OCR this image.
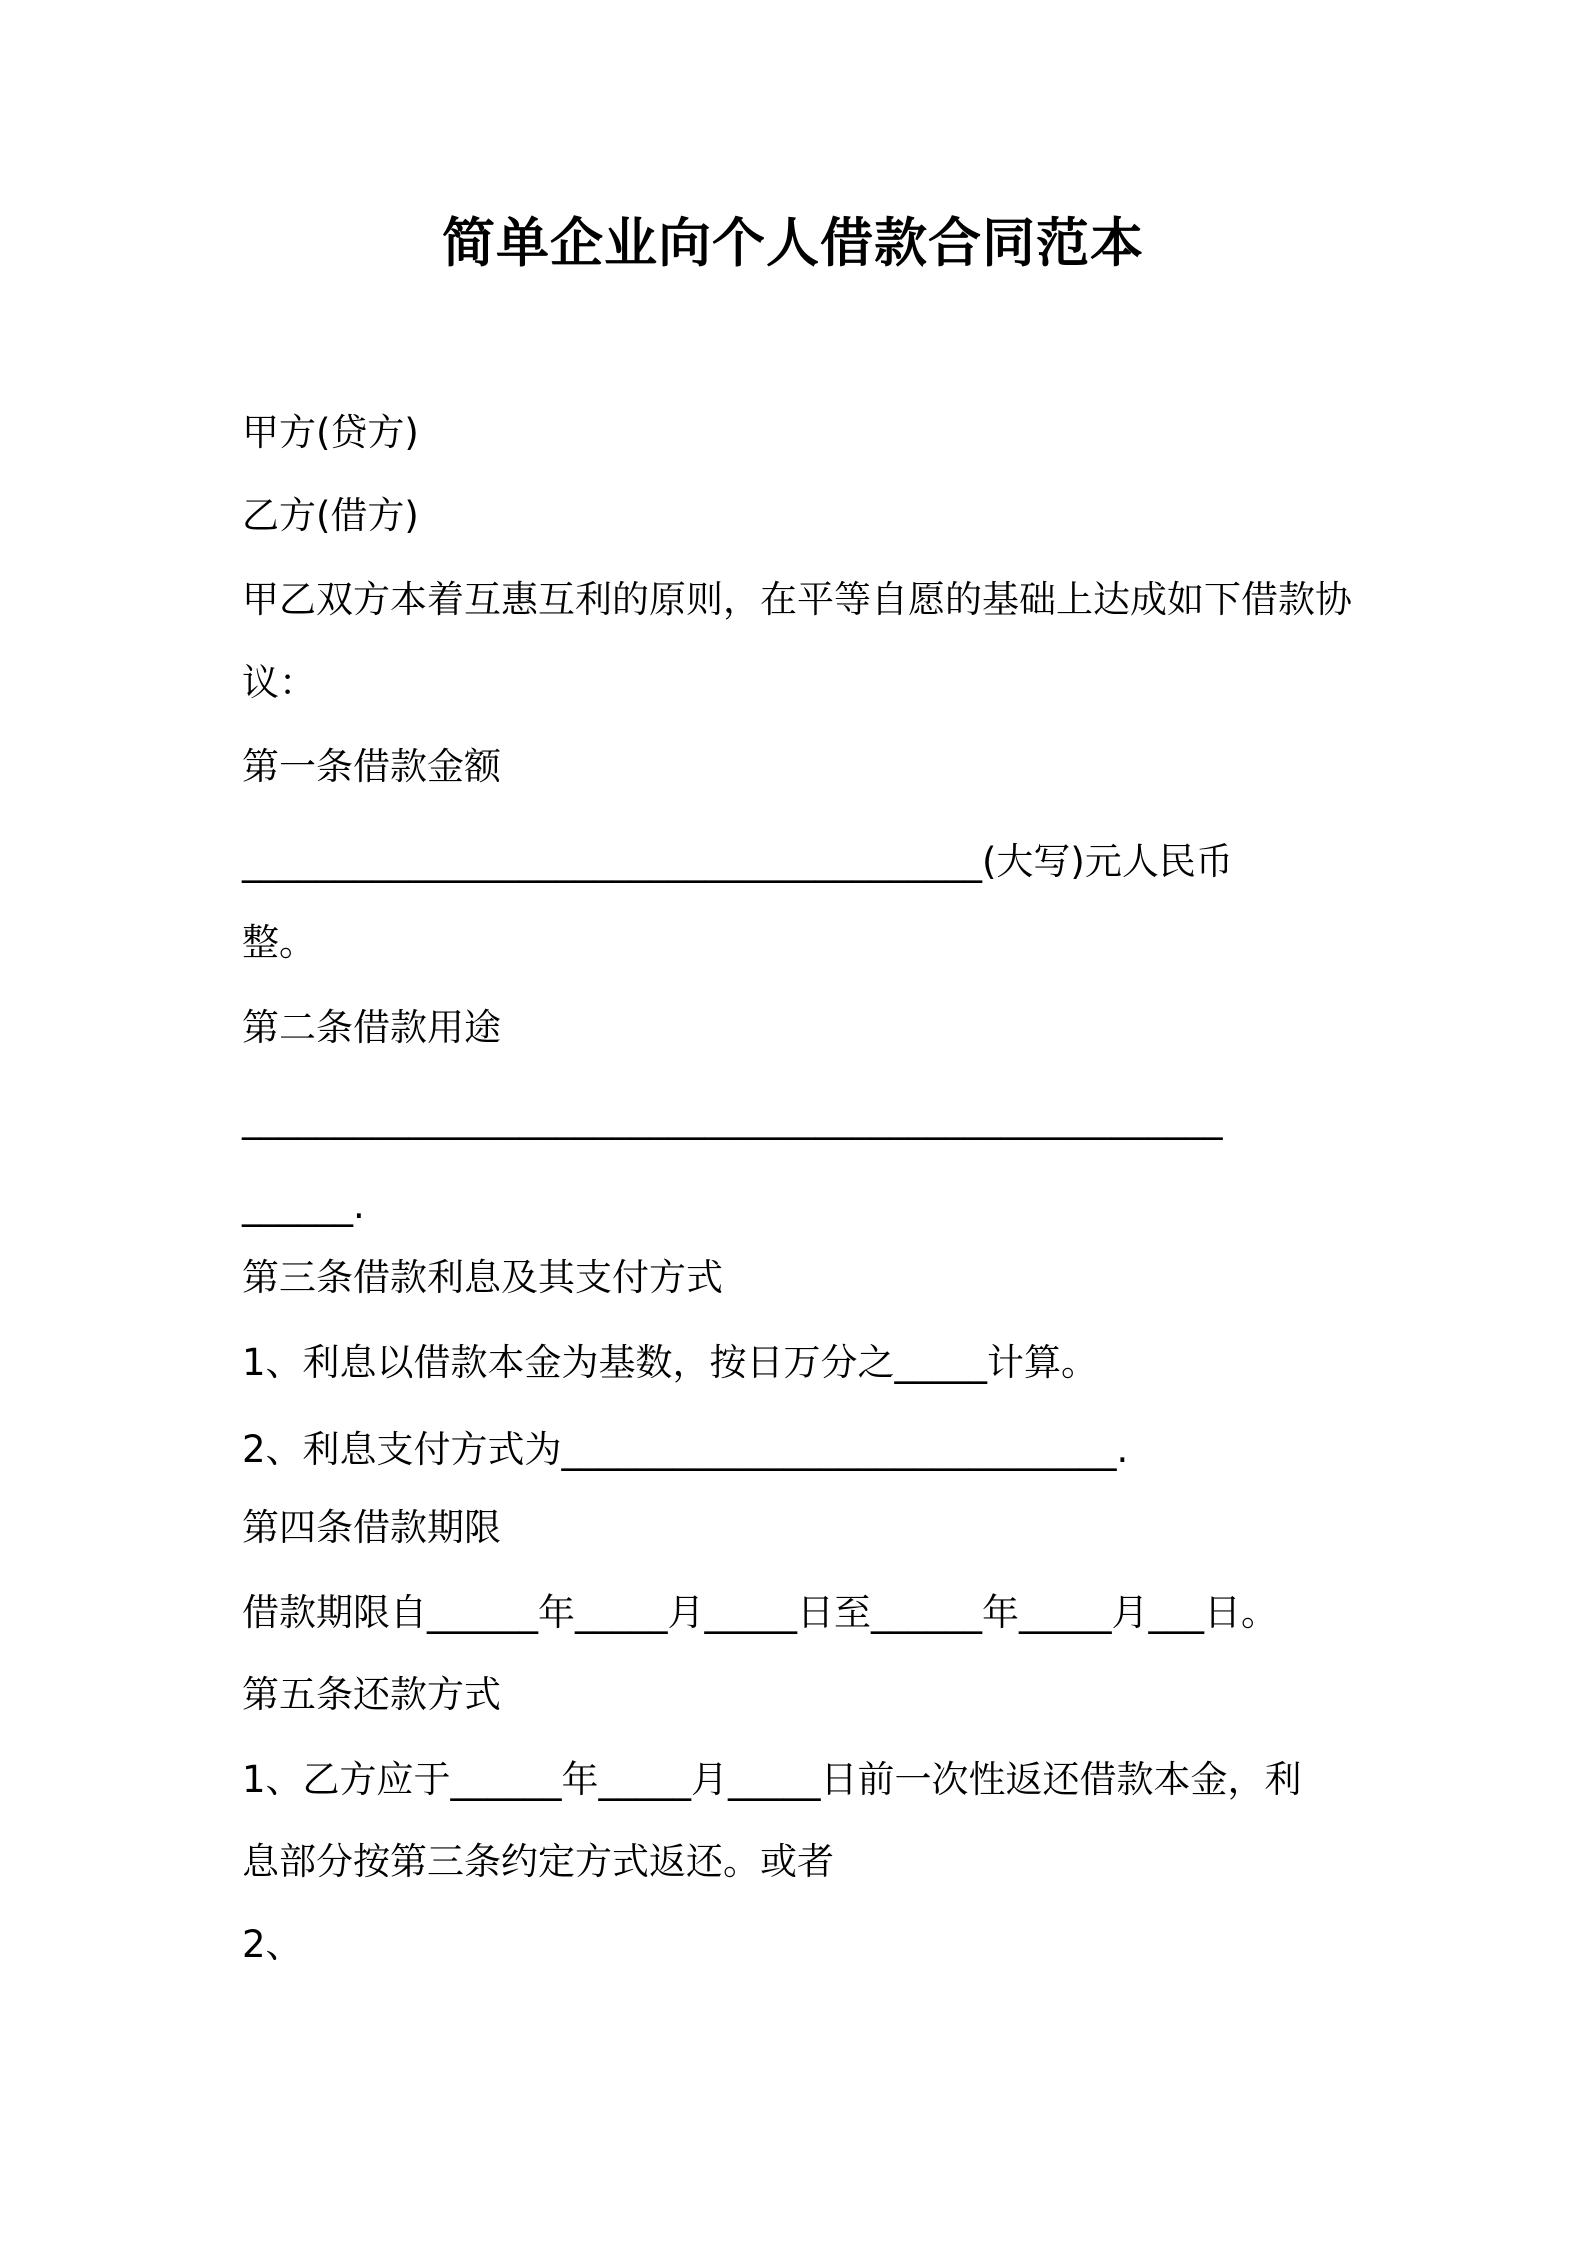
简单企业向个人借款合同范本
甲方(贷方)
乙方(借方)
甲乙双方本着互惠互利的原则，在平等自愿的基础上达成如下借款协
议：
第一条借款金额
________________________________________(大写)元人民币
整。
第二条借款用途
_____________________________________________________
______.
第三条借款利息及其支付方式
1、利息以借款本金为基数，按日万分之_____计算。
2、利息支付方式为______________________________.
第四条借款期限
借款期限自______年_____月_____日至______年_____月___日。
第五条还款方式
1、乙方应于______年_____月_____日前一次性返还借款本金，利
息部分按第三条约定方式返还。或者
2、
